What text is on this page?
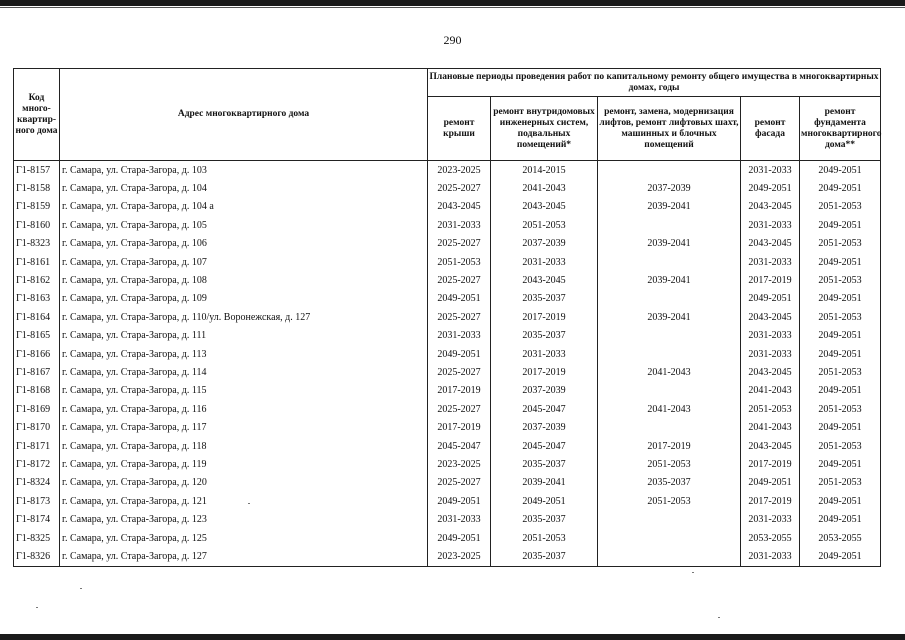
290
Код много-квартир-ного дома	Адрес многоквартирного дома	Плановые периоды проведения работ по капитальному ремонту общего имущества в многоквартирных домах, годы				
		ремонт крыши	ремонт внутридомовых инженерных систем, подвальных помещений*	ремонт, замена, модернизация лифтов, ремонт лифтовых шахт, машинных и блочных помещений	ремонт фасада	ремонт фундамента многоквартирного дома**
Г1-8157	г. Самара, ул. Стара-Загора, д. 103	2023-2025	2014-2015		2031-2033	2049-2051
Г1-8158	г. Самара, ул. Стара-Загора, д. 104	2025-2027	2041-2043	2037-2039	2049-2051	2049-2051
Г1-8159	г. Самара, ул. Стара-Загора, д. 104 а	2043-2045	2043-2045	2039-2041	2043-2045	2051-2053
Г1-8160	г. Самара, ул. Стара-Загора, д. 105	2031-2033	2051-2053		2031-2033	2049-2051
Г1-8323	г. Самара, ул. Стара-Загора, д. 106	2025-2027	2037-2039	2039-2041	2043-2045	2051-2053
Г1-8161	г. Самара, ул. Стара-Загора, д. 107	2051-2053	2031-2033		2031-2033	2049-2051
Г1-8162	г. Самара, ул. Стара-Загора, д. 108	2025-2027	2043-2045	2039-2041	2017-2019	2051-2053
Г1-8163	г. Самара, ул. Стара-Загора, д. 109	2049-2051	2035-2037		2049-2051	2049-2051
Г1-8164	г. Самара, ул. Стара-Загора, д. 110/ул. Воронежская, д. 127	2025-2027	2017-2019	2039-2041	2043-2045	2051-2053
Г1-8165	г. Самара, ул. Стара-Загора, д. 111	2031-2033	2035-2037		2031-2033	2049-2051
Г1-8166	г. Самара, ул. Стара-Загора, д. 113	2049-2051	2031-2033		2031-2033	2049-2051
Г1-8167	г. Самара, ул. Стара-Загора, д. 114	2025-2027	2017-2019	2041-2043	2043-2045	2051-2053
Г1-8168	г. Самара, ул. Стара-Загора, д. 115	2017-2019	2037-2039		2041-2043	2049-2051
Г1-8169	г. Самара, ул. Стара-Загора, д. 116	2025-2027	2045-2047	2041-2043	2051-2053	2051-2053
Г1-8170	г. Самара, ул. Стара-Загора, д. 117	2017-2019	2037-2039		2041-2043	2049-2051
Г1-8171	г. Самара, ул. Стара-Загора, д. 118	2045-2047	2045-2047	2017-2019	2043-2045	2051-2053
Г1-8172	г. Самара, ул. Стара-Загора, д. 119	2023-2025	2035-2037	2051-2053	2017-2019	2049-2051
Г1-8324	г. Самара, ул. Стара-Загора, д. 120	2025-2027	2039-2041	2035-2037	2049-2051	2051-2053
Г1-8173	г. Самара, ул. Стара-Загора, д. 121	2049-2051	2049-2051	2051-2053	2017-2019	2049-2051
Г1-8174	г. Самара, ул. Стара-Загора, д. 123	2031-2033	2035-2037		2031-2033	2049-2051
Г1-8325	г. Самара, ул. Стара-Загора, д. 125	2049-2051	2051-2053		2053-2055	2053-2055
Г1-8326	г. Самара, ул. Стара-Загора, д. 127	2023-2025	2035-2037		2031-2033	2049-2051
